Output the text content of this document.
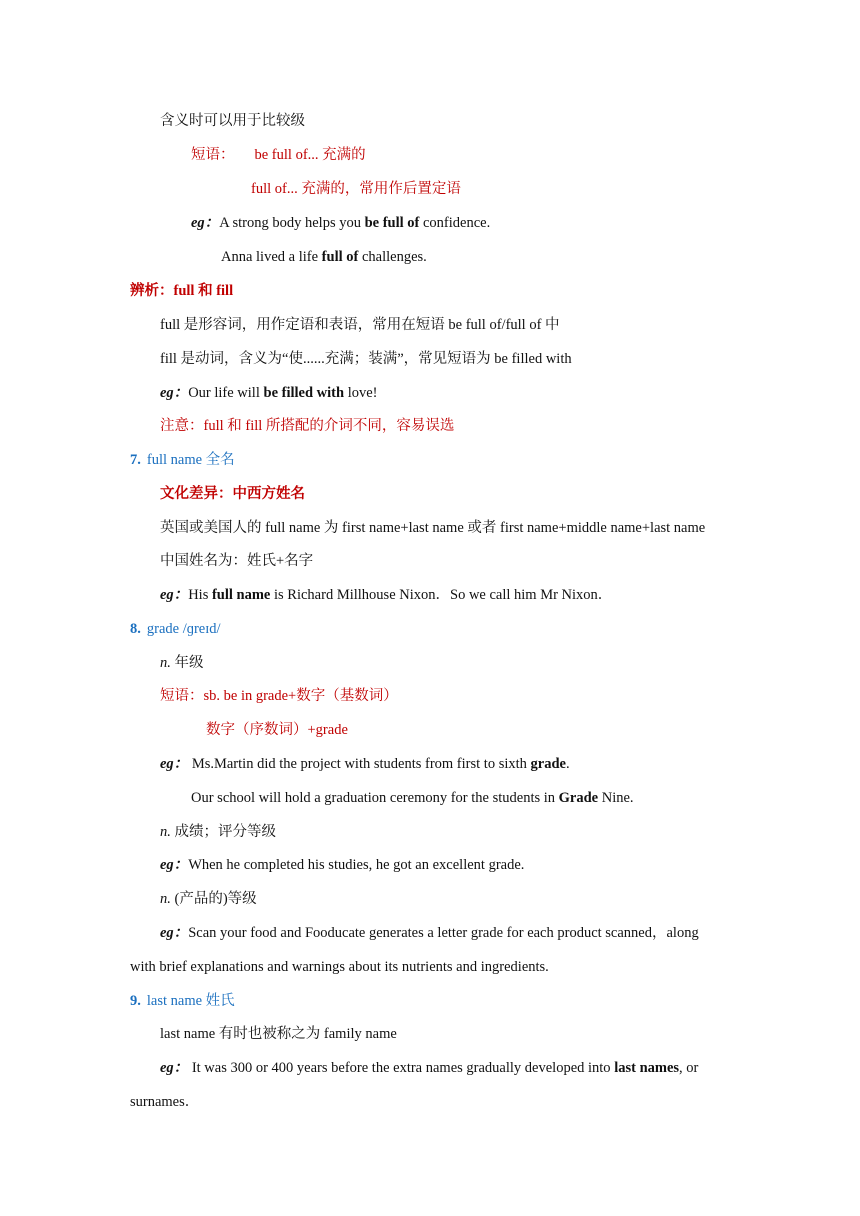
含义时可以用于比较级
短语： be full of... 充满的
full of... 充满的，常用作后置定语
eg：A strong body helps you be full of confidence.
Anna lived a life full of challenges.
辨析：full 和 fill
full 是形容词，用作定语和表语，常用在短语 be full of/full of 中
fill 是动词，含义为“使......充满；装满”，常见短语为 be filled with
eg：Our life will be filled with love!
注意：full 和 fill 所搭配的介词不同，容易误选
7. full name 全名
文化差异：中西方姓名
英国或美国人的 full name 为 first name+last name 或者 first name+middle name+last name
中国姓名为：姓氏+名字
eg：His full name is Richard Millhouse Nixon．So we call him Mr Nixon．
8. grade /ɡreɪd/
n. 年级
短语：sb. be in grade+数字（基数词）
数字（序数词）+grade
eg： Ms.Martin did the project with students from first to sixth grade.
Our school will hold a graduation ceremony for the students in Grade Nine.
n. 成绩；评分等级
eg：When he completed his studies, he got an excellent grade.
n. (产品的)等级
eg：Scan your food and Fooducate generates a letter grade for each product scanned，along
with brief explanations and warnings about its nutrients and ingredients.
9. last name 姓氏
last name 有时也被称之为 family name
eg： It was 300 or 400 years before the extra names gradually developed into last names, or
surnames．
